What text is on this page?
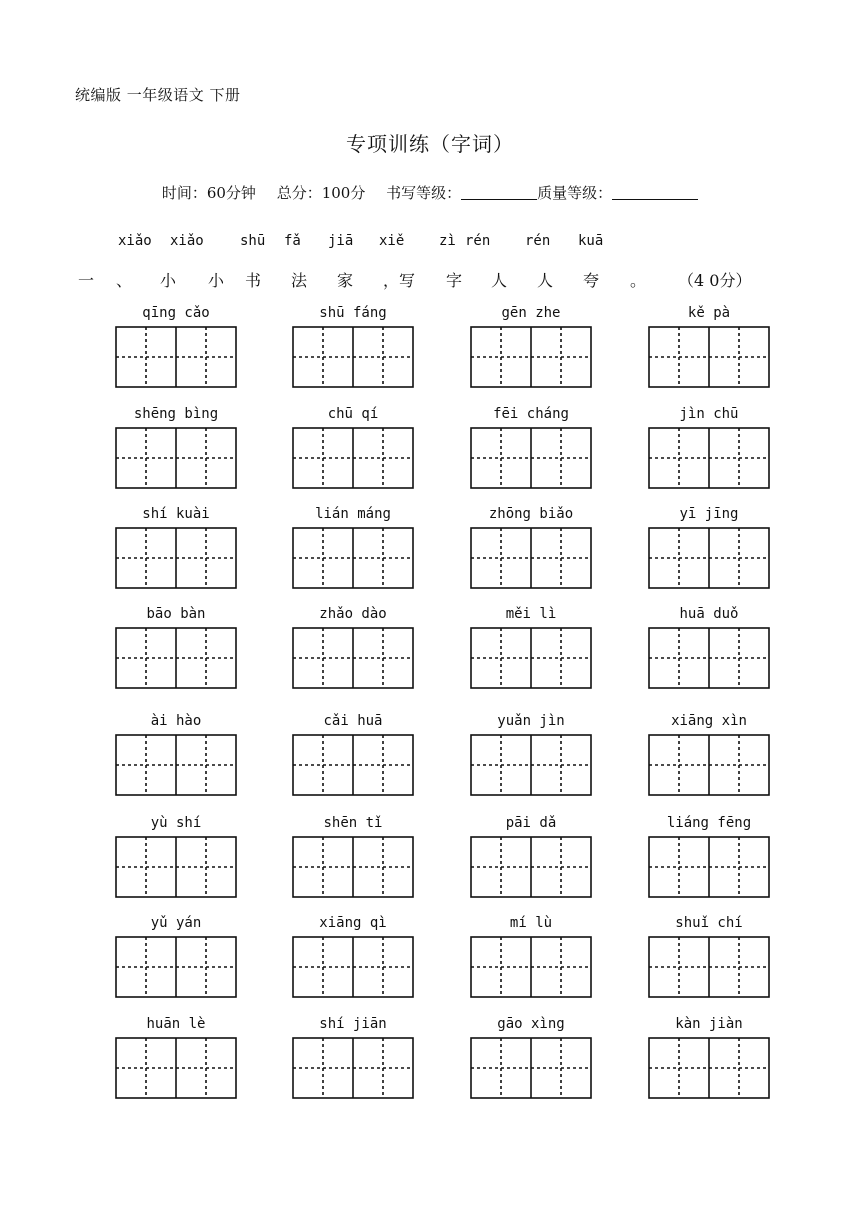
统编版 一年级语文 下册
专项训练（字词）
时间：60分钟 总分：100分 书写等级：	质量等级：
xiǎo xiǎo	shū fǎ jiā xiě zì rén rén kuā
一 、 小 小 书 法 家 ，写 字 人 人 夸 。 （4 0分）
qīng cǎo	shū fáng	gēn zhe	kě pà
shēng bìng	chū qí	fēi cháng	jìn chū
shí kuài	lián máng	zhōng biǎo	yī jīng
bāo bàn	zhǎo dào	měi lì	huā duǒ
ài hào	cǎi huā	yuǎn jìn	xiāng xìn
yù shí	shēn tǐ	pāi dǎ	liáng fēng
yǔ yán	xiāng qì	mí lù	shuǐ chí
huān lè	shí jiān	gāo xìng	kàn jiàn
